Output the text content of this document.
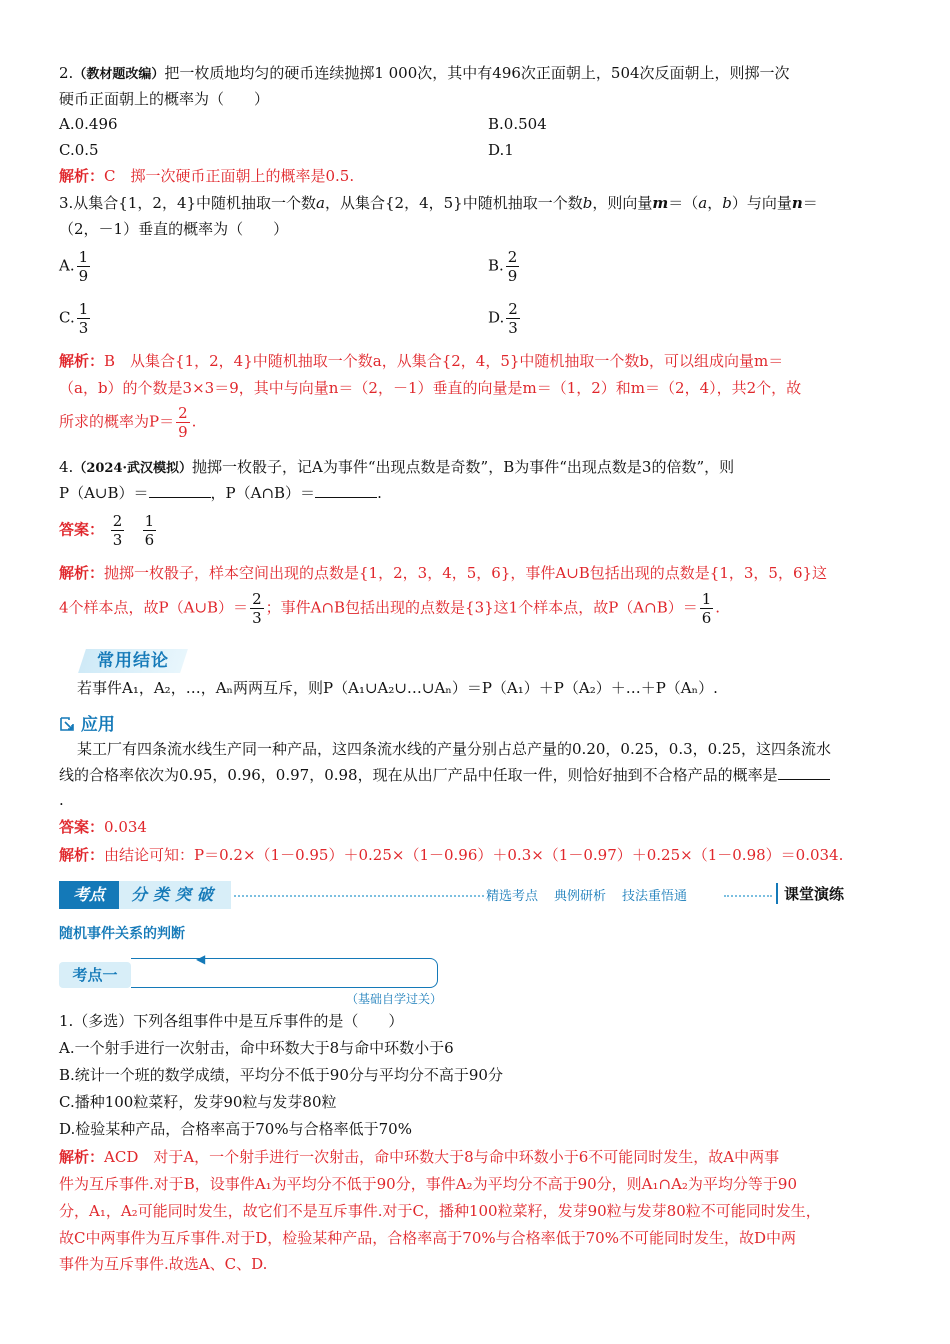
2.（教材题改编）把一枚质地均匀的硬币连续抛掷1 000次，其中有496次正面朝上，504次反面朝上，则掷一次
硬币正面朝上的概率为（　　）
A.0.496	B.0.504
C.0.5	D.1
解析：C　掷一次硬币正面朝上的概率是0.5.
3.从集合{1，2，4}中随机抽取一个数a，从集合{2，4，5}中随机抽取一个数b，则向量m＝（a，b）与向量n＝
（2，－1）垂直的概率为（　　）
A. $\frac{1}{9}$	B. $\frac{2}{9}$
C. $\frac{1}{3}$	D. $\frac{2}{3}$
解析：B　从集合{1，2，4}中随机抽取一个数a，从集合{2，4，5}中随机抽取一个数b，可以组成向量m＝
（a，b）的个数是3×3＝9，其中与向量n＝（2，－1）垂直的向量是m＝（1，2）和m＝（2，4），共2个，故
所求的概率为$P= \frac{2}{9}$ .
4.（2024·武汉模拟）抛掷一枚骰子，记A为事件“出现点数是奇数”，B为事件“出现点数是3的倍数”，则
P（A∪B）＝	，P（A∩B）＝	.
答案： $\frac{2}{3}$
$\frac{1}{6}$
解析：抛掷一枚骰子，样本空间出现的点数是{1，2，3，4，5，6}，事件A∪B包括出现的点数是{1，3，5，6}这
4个样本点，故P（A∪B）＝ $\frac{2}{3}$ ；事件A∩B包括出现的点数是{3}这1个样本点，故P（A∩B）＝ $\frac{1}{6}$ .
常用结论
若事件A₁，A₂，…，Aₙ两两互斥，则P（A₁∪A₂∪…∪Aₙ）＝P（A₁）＋P（A₂）＋…＋P（Aₙ）.
应用
某工厂有四条流水线生产同一种产品，这四条流水线的产量分别占总产量的0.20，0.25，0.3，0.25，这四条流水
线的合格率依次为0.95，0.96，0.97，0.98，现在从出厂产品中任取一件，则恰好抽到不合格产品的概率是
.
答案：0.034
解析：由结论可知：P＝0.2×（1－0.95）＋0.25×（1－0.96）＋0.3×（1－0.97）＋0.25×（1－0.98）＝0.034.
考点	分类突破	精选考点 典例研析 技法重悟通	课堂演练
随机事件关系的判断
◀
考点一
（基础自学过关）
1.（多选）下列各组事件中是互斥事件的是（　　）
A.一个射手进行一次射击，命中环数大于8与命中环数小于6
B.统计一个班的数学成绩，平均分不低于90分与平均分不高于90分
C.播种100粒菜籽，发芽90粒与发芽80粒
D.检验某种产品，合格率高于70%与合格率低于70%
解析：ACD　对于A，一个射手进行一次射击，命中环数大于8与命中环数小于6不可能同时发生，故A中两事
件为互斥事件.对于B，设事件A₁为平均分不低于90分，事件A₂为平均分不高于90分，则A₁∩A₂为平均分等于90
分，A₁，A₂可能同时发生，故它们不是互斥事件.对于C，播种100粒菜籽，发芽90粒与发芽80粒不可能同时发生，
故C中两事件为互斥事件.对于D，检验某种产品，合格率高于70%与合格率低于70%不可能同时发生，故D中两
事件为互斥事件.故选A、C、D.
